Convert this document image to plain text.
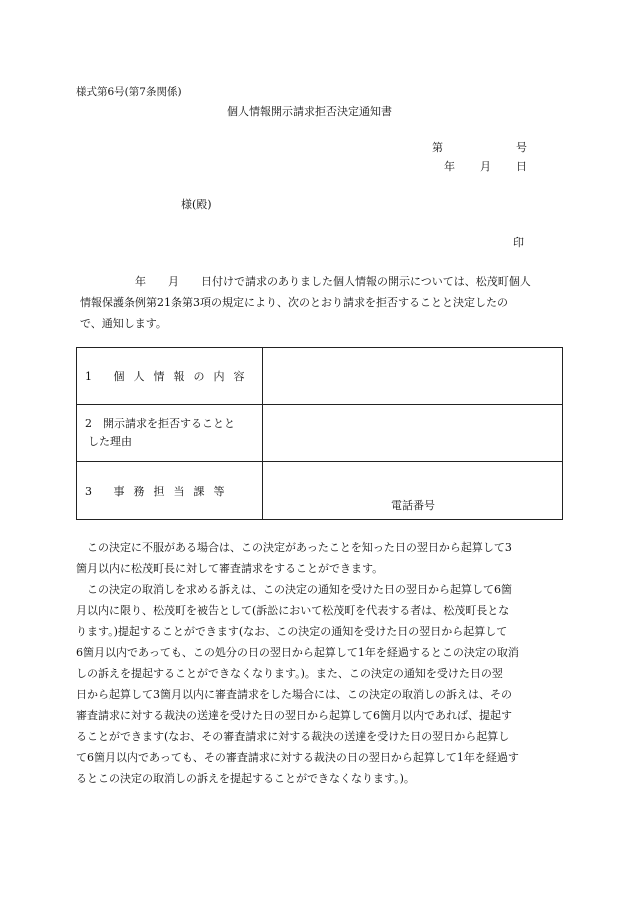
様式第6号(第7条関係)
個人情報開示請求拒否決定通知書
第	号
年 月 日
様(殿)
印
　　　　　年　　月　　日付けで請求のありました個人情報の開示については、松茂町個人
情報保護条例第21条第3項の規定により、次のとおり請求を拒否することと決定したの
で、通知します。
1 個人情報の内容	

2　開示請求を拒否することと
した理由	

3 事務担当課等	電話番号

　この決定に不服がある場合は、この決定があったことを知った日の翌日から起算して3
箇月以内に松茂町長に対して審査請求をすることができます。

　この決定の取消しを求める訴えは、この決定の通知を受けた日の翌日から起算して6箇
月以内に限り、松茂町を被告として(訴訟において松茂町を代表する者は、松茂町長とな
ります。)提起することができます(なお、この決定の通知を受けた日の翌日から起算して
6箇月以内であっても、この処分の日の翌日から起算して1年を経過するとこの決定の取消
しの訴えを提起することができなくなります。)。また、この決定の通知を受けた日の翌
日から起算して3箇月以内に審査請求をした場合には、この決定の取消しの訴えは、その
審査請求に対する裁決の送達を受けた日の翌日から起算して6箇月以内であれば、提起す
ることができます(なお、その審査請求に対する裁決の送達を受けた日の翌日から起算し
て6箇月以内であっても、その審査請求に対する裁決の日の翌日から起算して1年を経過す
るとこの決定の取消しの訴えを提起することができなくなります。)。
